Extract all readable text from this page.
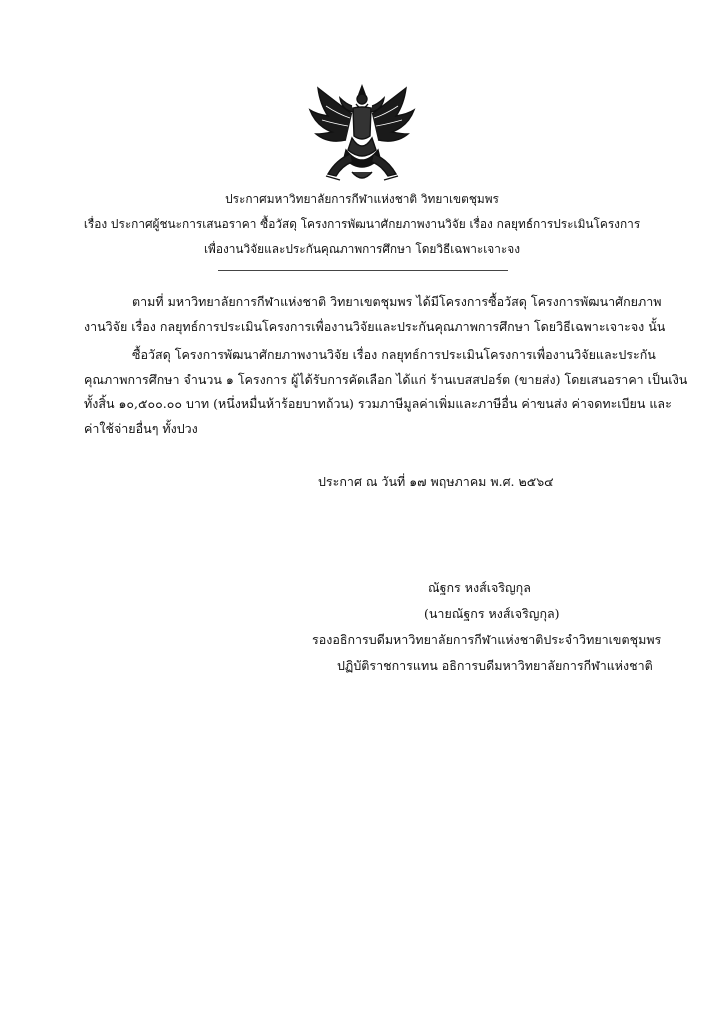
ประกาศมหาวิทยาลัยการกีฬาแห่งชาติ วิทยาเขตชุมพร
เรื่อง ประกาศผู้ชนะการเสนอราคา ซื้อวัสดุ โครงการพัฒนาศักยภาพงานวิจัย เรื่อง กลยุทธ์การประเมินโครงการ
เพื่องานวิจัยและประกันคุณภาพการศึกษา โดยวิธีเฉพาะเจาะจง
ตามที่ มหาวิทยาลัยการกีฬาแห่งชาติ วิทยาเขตชุมพร ได้มีโครงการซื้อวัสดุ โครงการพัฒนาศักยภาพ
งานวิจัย เรื่อง กลยุทธ์การประเมินโครงการเพื่องานวิจัยและประกันคุณภาพการศึกษา โดยวิธีเฉพาะเจาะจง นั้น
ซื้อวัสดุ โครงการพัฒนาศักยภาพงานวิจัย เรื่อง กลยุทธ์การประเมินโครงการเพื่องานวิจัยและประกัน
คุณภาพการศึกษา จำนวน ๑ โครงการ ผู้ได้รับการคัดเลือก ได้แก่ ร้านเบสสปอร์ต (ขายส่ง) โดยเสนอราคา เป็นเงิน
ทั้งสิ้น ๑๐,๕๐๐.๐๐ บาท (หนึ่งหมื่นห้าร้อยบาทถ้วน) รวมภาษีมูลค่าเพิ่มและภาษีอื่น ค่าขนส่ง ค่าจดทะเบียน และ
ค่าใช้จ่ายอื่นๆ ทั้งปวง
ประกาศ ณ วันที่ ๑๗ พฤษภาคม พ.ศ. ๒๕๖๔
ณัฐกร หงส์เจริญกุล
(นายณัฐกร หงส์เจริญกุล)
รองอธิการบดีมหาวิทยาลัยการกีฬาแห่งชาติประจำวิทยาเขตชุมพร
ปฏิบัติราชการแทน อธิการบดีมหาวิทยาลัยการกีฬาแห่งชาติ
